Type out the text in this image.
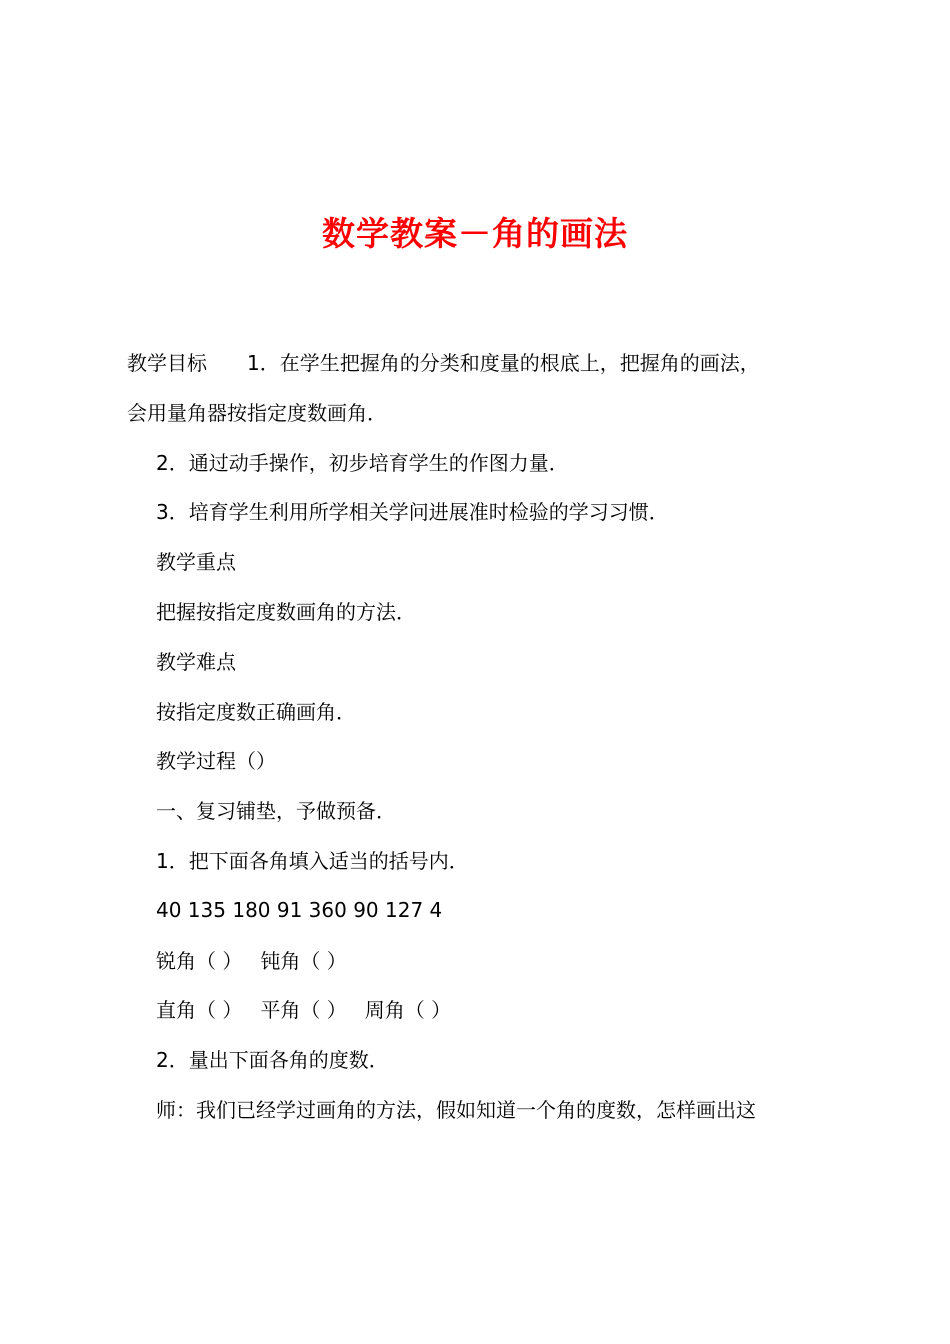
数学教案－角的画法
教学目标 1．在学生把握角的分类和度量的根底上，把握角的画法，
会用量角器按指定度数画角．
2．通过动手操作，初步培育学生的作图力量．
3．培育学生利用所学相关学问进展准时检验的学习习惯．
教学重点
把握按指定度数画角的方法．
教学难点
按指定度数正确画角．
教学过程（）
一、复习铺垫，予做预备．
1．把下面各角填入适当的括号内．
40 135 180 91 360 90 127 4
锐角（ ） 钝角（ ）
直角（ ） 平角（ ） 周角（ ）
2．量出下面各角的度数．
师：我们已经学过画角的方法，假如知道一个角的度数，怎样画出这
